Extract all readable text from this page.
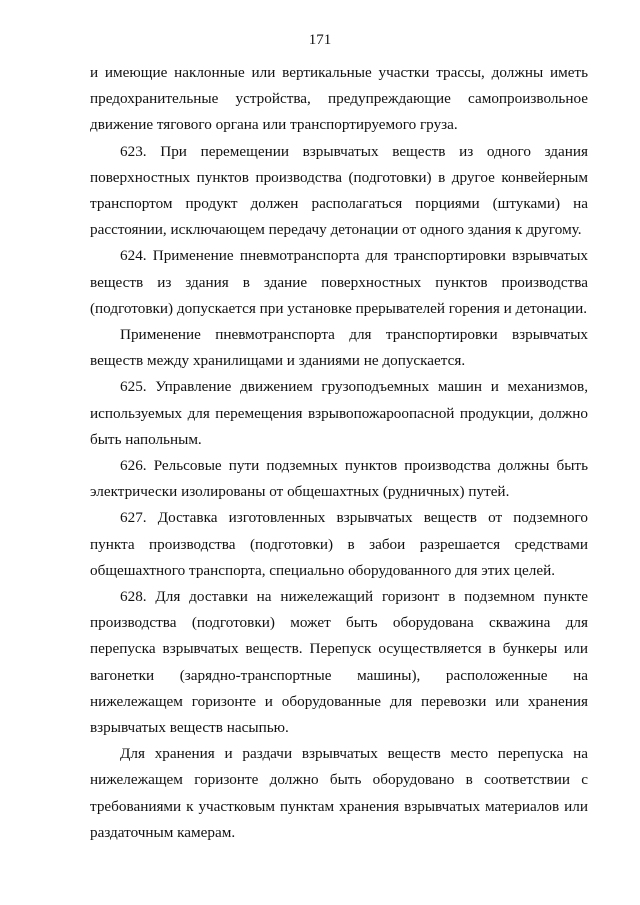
171

и имеющие наклонные или вертикальные участки трассы, должны иметь предохранительные устройства, предупреждающие самопроизвольное движение тягового органа или транспортируемого груза.

623. При перемещении взрывчатых веществ из одного здания поверхностных пунктов производства (подготовки) в другое конвейерным транспортом продукт должен располагаться порциями (штуками) на расстоянии, исключающем передачу детонации от одного здания к другому.

624. Применение пневмотранспорта для транспортировки взрывчатых веществ из здания в здание поверхностных пунктов производства (подготовки) допускается при установке прерывателей горения и детонации.

Применение пневмотранспорта для транспортировки взрывчатых веществ между хранилищами и зданиями не допускается.

625. Управление движением грузоподъемных машин и механизмов, используемых для перемещения взрывопожароопасной продукции, должно быть напольным.

626. Рельсовые пути подземных пунктов производства должны быть электрически изолированы от общешахтных (рудничных) путей.

627. Доставка изготовленных взрывчатых веществ от подземного пункта производства (подготовки) в забои разрешается средствами общешахтного транспорта, специально оборудованного для этих целей.

628. Для доставки на нижележащий горизонт в подземном пункте производства (подготовки) может быть оборудована скважина для перепуска взрывчатых веществ. Перепуск осуществляется в бункеры или вагонетки (зарядно-транспортные машины), расположенные на нижележащем горизонте и оборудованные для перевозки или хранения взрывчатых веществ насыпью.

Для хранения и раздачи взрывчатых веществ место перепуска на нижележащем горизонте должно быть оборудовано в соответствии с требованиями к участковым пунктам хранения взрывчатых материалов или раздаточным камерам.
